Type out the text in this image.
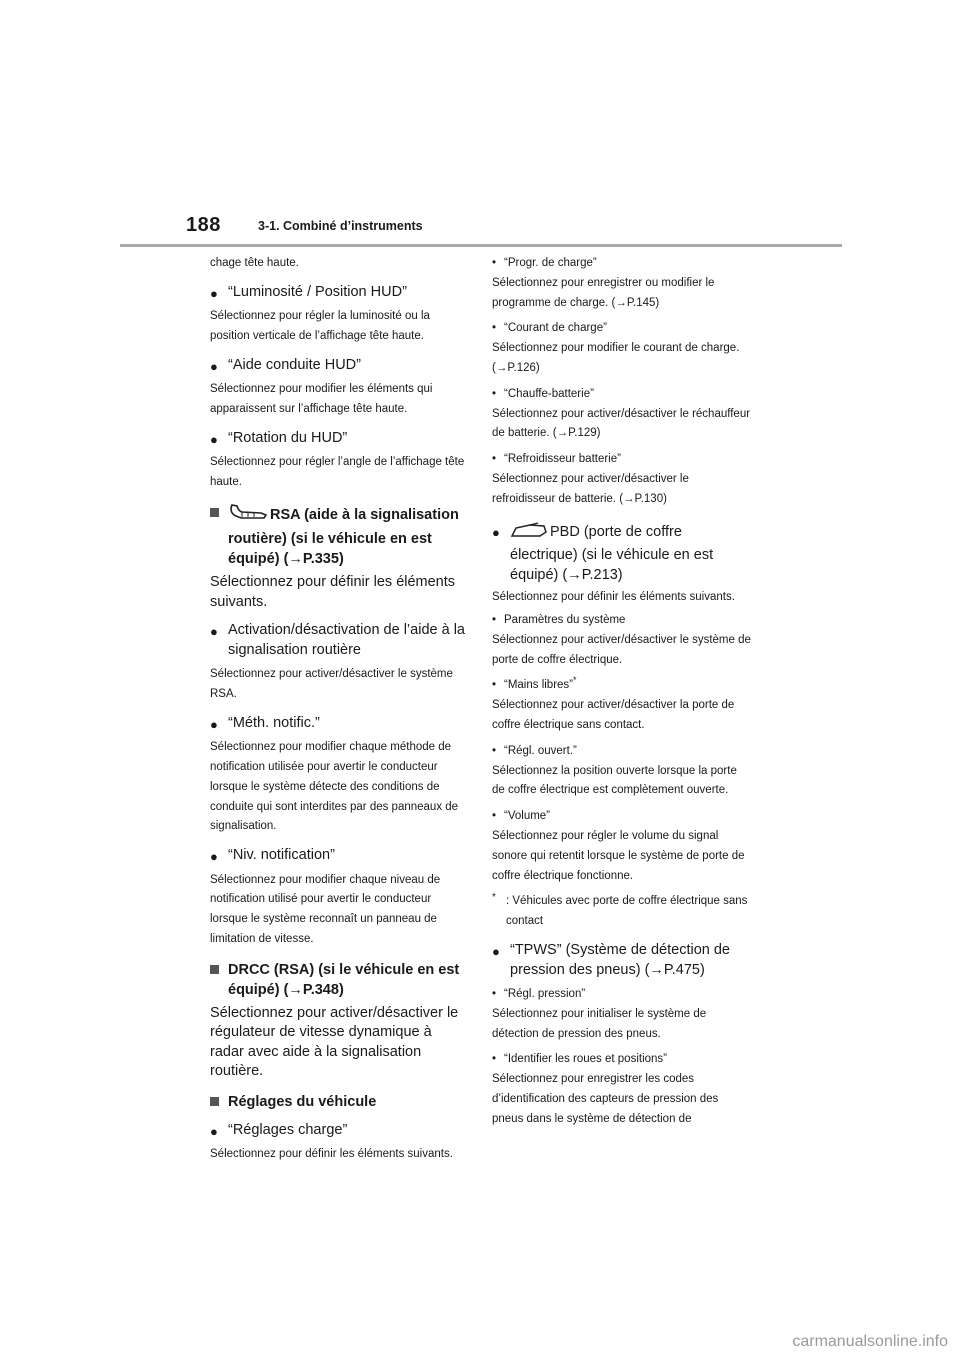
188	3-1. Combiné d’instruments

chage tête haute.

● “Luminosité / Position HUD”

Sélectionnez pour régler la luminosité ou la position verticale de l’affichage tête haute.

● “Aide conduite HUD”

Sélectionnez pour modifier les éléments qui apparaissent sur l’affichage tête haute.

● “Rotation du HUD”

Sélectionnez pour régler l’angle de l’affichage tête haute.

RSA (aide à la signalisation routière) (si le véhicule en est équipé) (→P.335)

Sélectionnez pour définir les éléments suivants.

● Activation/désactivation de l’aide à la signalisation routière

Sélectionnez pour activer/désactiver le système RSA.

● “Méth. notific.”

Sélectionnez pour modifier chaque méthode de notification utilisée pour avertir le conducteur lorsque le système détecte des conditions de conduite qui sont interdites par des panneaux de signalisation.

● “Niv. notification”

Sélectionnez pour modifier chaque niveau de notification utilisé pour avertir le conducteur lorsque le système reconnaît un panneau de limitation de vitesse.

DRCC (RSA) (si le véhicule en est équipé) (→P.348)

Sélectionnez pour activer/désactiver le régulateur de vitesse dynamique à radar avec aide à la signalisation routière.

Réglages du véhicule
● “Réglages charge”

Sélectionnez pour définir les éléments suivants.

• “Progr. de charge”

Sélectionnez pour enregistrer ou modifier le programme de charge. (→P.145)

• “Courant de charge”

Sélectionnez pour modifier le courant de charge. (→P.126)

• “Chauffe-batterie”

Sélectionnez pour activer/désactiver le réchauffeur de batterie. (→P.129)

• “Refroidisseur batterie”

Sélectionnez pour activer/désactiver le refroidisseur de batterie. (→P.130)

●	PBD (porte de coffre électrique) (si le véhicule en est équipé) (→P.213)

Sélectionnez pour définir les éléments suivants.

• Paramètres du système

Sélectionnez pour activer/désactiver le système de porte de coffre électrique.

• “Mains libres”*

Sélectionnez pour activer/désactiver la porte de coffre électrique sans contact.

• “Régl. ouvert.”

Sélectionnez la position ouverte lorsque la porte de coffre électrique est complètement ouverte.

• “Volume”

Sélectionnez pour régler le volume du signal sonore qui retentit lorsque le système de porte de coffre électrique fonctionne.

* : Véhicules avec porte de coffre électrique sans contact
● “TPWS” (Système de détection de pression des pneus) (→P.475)
• “Régl. pression”

Sélectionnez pour initialiser le système de détection de pression des pneus.

• “Identifier les roues et positions”

Sélectionnez pour enregistrer les codes d’identification des capteurs de pression des pneus dans le système de détection de

carmanualsonline.info
